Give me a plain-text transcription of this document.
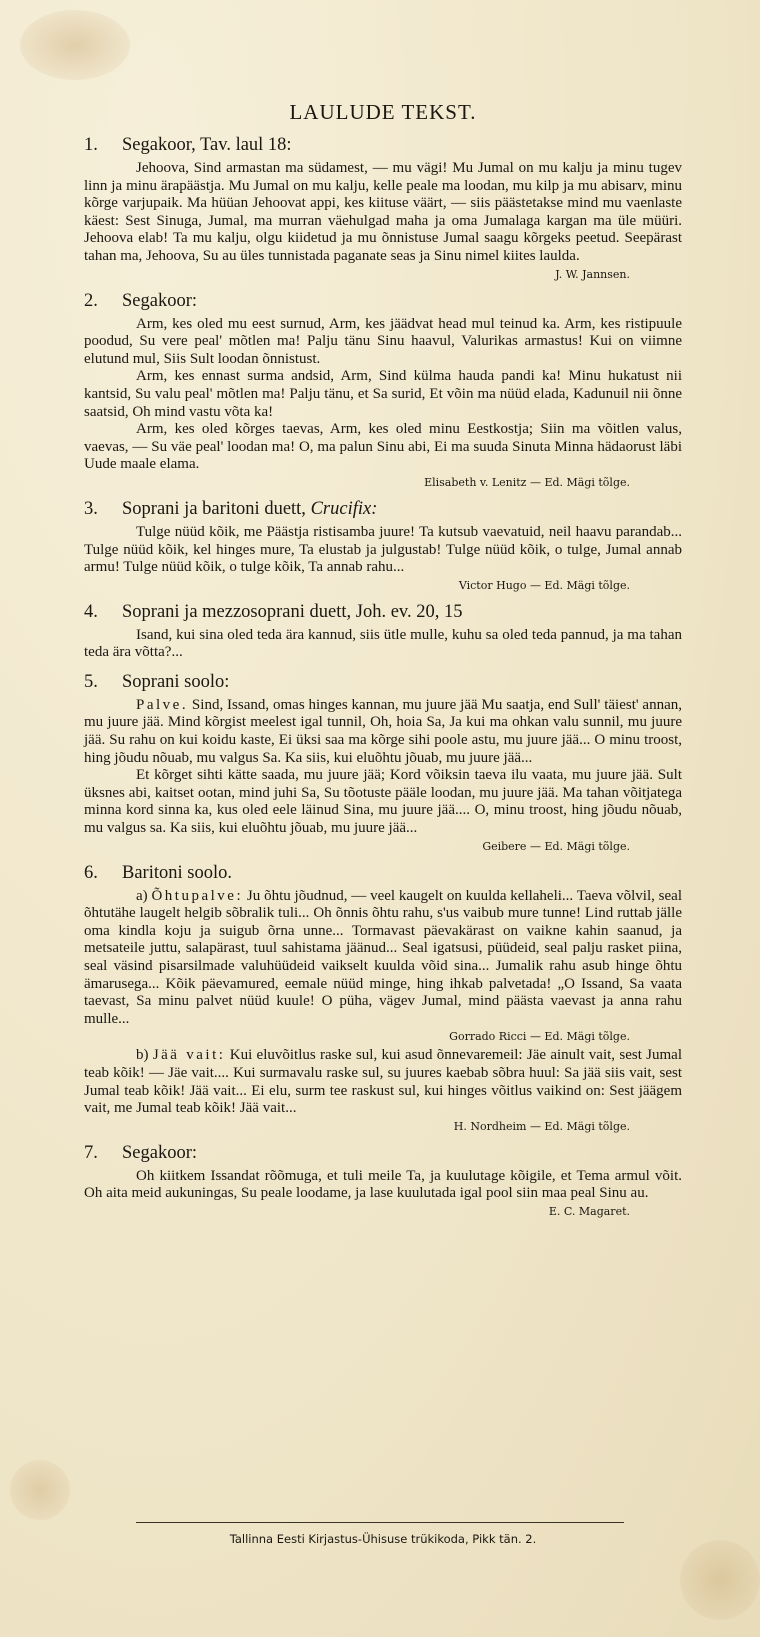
LAULUDE TEKST.
1. Segakoor, Tav. laul 18:

Jehoova, Sind armastan ma südamest, — mu vägi! Mu Jumal on mu kalju ja minu tugev linn ja minu ärapäästja. Mu Jumal on mu kalju, kelle peale ma loodan, mu kilp ja mu abisarv, minu kõrge varjupaik. Ma hüüan Jehoovat appi, kes kiituse väärt, — siis päästetakse mind mu vaenlaste käest: Sest Sinuga, Jumal, ma murran väehulgad maha ja oma Jumalaga kargan ma üle müüri. Jehoova elab! Ta mu kalju, olgu kiidetud ja mu õnnistuse Jumal saagu kõrgeks peetud. Seepärast tahan ma, Jehoova, Su au üles tunnistada paganate seas ja Sinu nimel kiites laulda.

J. W. Jannsen.
2. Segakoor:

Arm, kes oled mu eest surnud, Arm, kes jäädvat head mul teinud ka. Arm, kes ristipuule poodud, Su vere peal' mõtlen ma! Palju tänu Sinu haavul, Valurikas armastus! Kui on viimne elutund mul, Siis Sult loodan õnnistust.

Arm, kes ennast surma andsid, Arm, Sind külma hauda pandi ka! Minu hukatust nii kantsid, Su valu peal' mõtlen ma! Palju tänu, et Sa surid, Et võin ma nüüd elada, Kadunuil nii õnne saatsid, Oh mind vastu võta ka!

Arm, kes oled kõrges taevas, Arm, kes oled minu Eestkostja; Siin ma võitlen valus, vaevas, — Su väe peal' loodan ma! O, ma palun Sinu abi, Ei ma suuda Sinuta Minna hädaorust läbi Uude maale elama.

Elisabeth v. Lenitz — Ed. Mägi tõlge.
3. Soprani ja baritoni duett, Crucifix:

Tulge nüüd kõik, me Päästja ristisamba juure! Ta kutsub vaevatuid, neil haavu parandab... Tulge nüüd kõik, kel hinges mure, Ta elustab ja julgustab! Tulge nüüd kõik, o tulge, Jumal annab armu! Tulge nüüd kõik, o tulge kõik, Ta annab rahu...

Victor Hugo — Ed. Mägi tõlge.
4. Soprani ja mezzosoprani duett, Joh. ev. 20, 15

Isand, kui sina oled teda ära kannud, siis ütle mulle, kuhu sa oled teda pannud, ja ma tahan teda ära võtta?...

5. Soprani soolo:

Palve. Sind, Issand, omas hinges kannan, mu juure jää Mu saatja, end Sull' täiest' annan, mu juure jää. Mind kõrgist meelest igal tunnil, Oh, hoia Sa, Ja kui ma ohkan valu sunnil, mu juure jää. Su rahu on kui koidu kaste, Ei üksi saa ma kõrge sihi poole astu, mu juure jää... O minu troost, hing jõudu nõuab, mu valgus Sa. Ka siis, kui eluõhtu jõuab, mu juure jää...

Et kõrget sihti kätte saada, mu juure jää; Kord võiksin taeva ilu vaata, mu juure jää. Sult üksnes abi, kaitset ootan, mind juhi Sa, Su tõotuste pääle loodan, mu juure jää. Ma tahan võitjatega minna kord sinna ka, kus oled eele läinud Sina, mu juure jää.... O, minu troost, hing jõudu nõuab, mu valgus sa. Ka siis, kui eluõhtu jõuab, mu juure jää...

Geibere — Ed. Mägi tõlge.
6. Baritoni soolo.

a) Õhtupalve: Ju õhtu jõudnud, — veel kaugelt on kuulda kellaheli... Taeva võlvil, seal õhtutähe laugelt helgib sõbralik tuli... Oh õnnis õhtu rahu, s'us vaibub mure tunne! Lind ruttab jälle oma kindla koju ja suigub õrna unne... Tormavast päevakärast on vaikne kahin saanud, ja metsateile juttu, salapärast, tuul sahistama jäänud... Seal igatsusi, püüdeid, seal palju rasket piina, seal väsind pisarsilmade valuhüüdeid vaikselt kuulda võid sina... Jumalik rahu asub hinge õhtu ämarusega... Kõik päevamured, eemale nüüd minge, hing ihkab palvetada! „O Issand, Sa vaata taevast, Sa minu palvet nüüd kuule! O püha, vägev Jumal, mind päästa vaevast ja anna rahu mulle...

Gorrado Ricci — Ed. Mägi tõlge.

b) Jää vait: Kui eluvõitlus raske sul, kui asud õnnevaremeil: Jäe ainult vait, sest Jumal teab kõik! — Jäe vait.... Kui surmavalu raske sul, su juures kaebab sõbra huul: Sa jää siis vait, sest Jumal teab kõik! Jää vait... Ei elu, surm tee raskust sul, kui hinges võitlus vaikind on: Sest jäägem vait, me Jumal teab kõik! Jää vait...

H. Nordheim — Ed. Mägi tõlge.
7. Segakoor:

Oh kiitkem Issandat rõõmuga, et tuli meile Ta, ja kuulutage kõigile, et Tema armul võit. Oh aita meid aukuningas, Su peale loodame, ja lase kuulutada igal pool siin maa peal Sinu au.

E. C. Magaret.
Tallinna Eesti Kirjastus-Ühisuse trükikoda, Pikk tän. 2.
